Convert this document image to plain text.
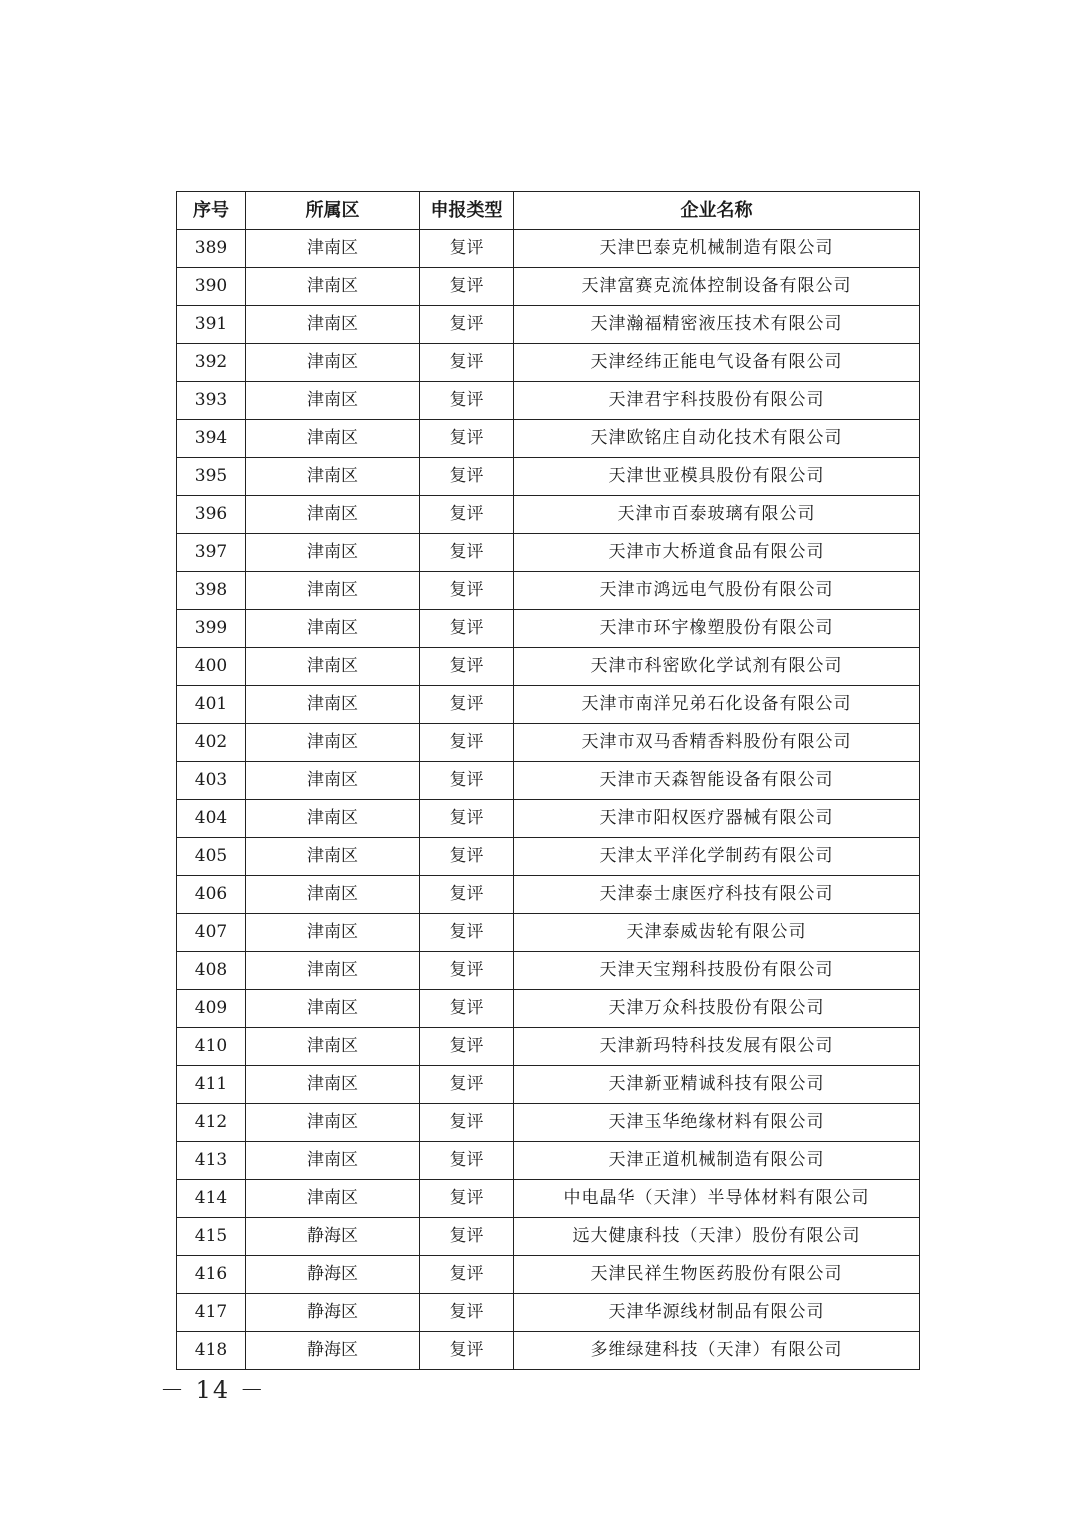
序号	所属区	申报类型	企业名称
389	津南区	复评	天津巴泰克机械制造有限公司
390	津南区	复评	天津富赛克流体控制设备有限公司
391	津南区	复评	天津瀚福精密液压技术有限公司
392	津南区	复评	天津经纬正能电气设备有限公司
393	津南区	复评	天津君宇科技股份有限公司
394	津南区	复评	天津欧铭庄自动化技术有限公司
395	津南区	复评	天津世亚模具股份有限公司
396	津南区	复评	天津市百泰玻璃有限公司
397	津南区	复评	天津市大桥道食品有限公司
398	津南区	复评	天津市鸿远电气股份有限公司
399	津南区	复评	天津市环宇橡塑股份有限公司
400	津南区	复评	天津市科密欧化学试剂有限公司
401	津南区	复评	天津市南洋兄弟石化设备有限公司
402	津南区	复评	天津市双马香精香料股份有限公司
403	津南区	复评	天津市天森智能设备有限公司
404	津南区	复评	天津市阳权医疗器械有限公司
405	津南区	复评	天津太平洋化学制药有限公司
406	津南区	复评	天津泰士康医疗科技有限公司
407	津南区	复评	天津泰威齿轮有限公司
408	津南区	复评	天津天宝翔科技股份有限公司
409	津南区	复评	天津万众科技股份有限公司
410	津南区	复评	天津新玛特科技发展有限公司
411	津南区	复评	天津新亚精诚科技有限公司
412	津南区	复评	天津玉华绝缘材料有限公司
413	津南区	复评	天津正道机械制造有限公司
414	津南区	复评	中电晶华（天津）半导体材料有限公司
415	静海区	复评	远大健康科技（天津）股份有限公司
416	静海区	复评	天津民祥生物医药股份有限公司
417	静海区	复评	天津华源线材制品有限公司
418	静海区	复评	多维绿建科技（天津）有限公司
－ 14 －
